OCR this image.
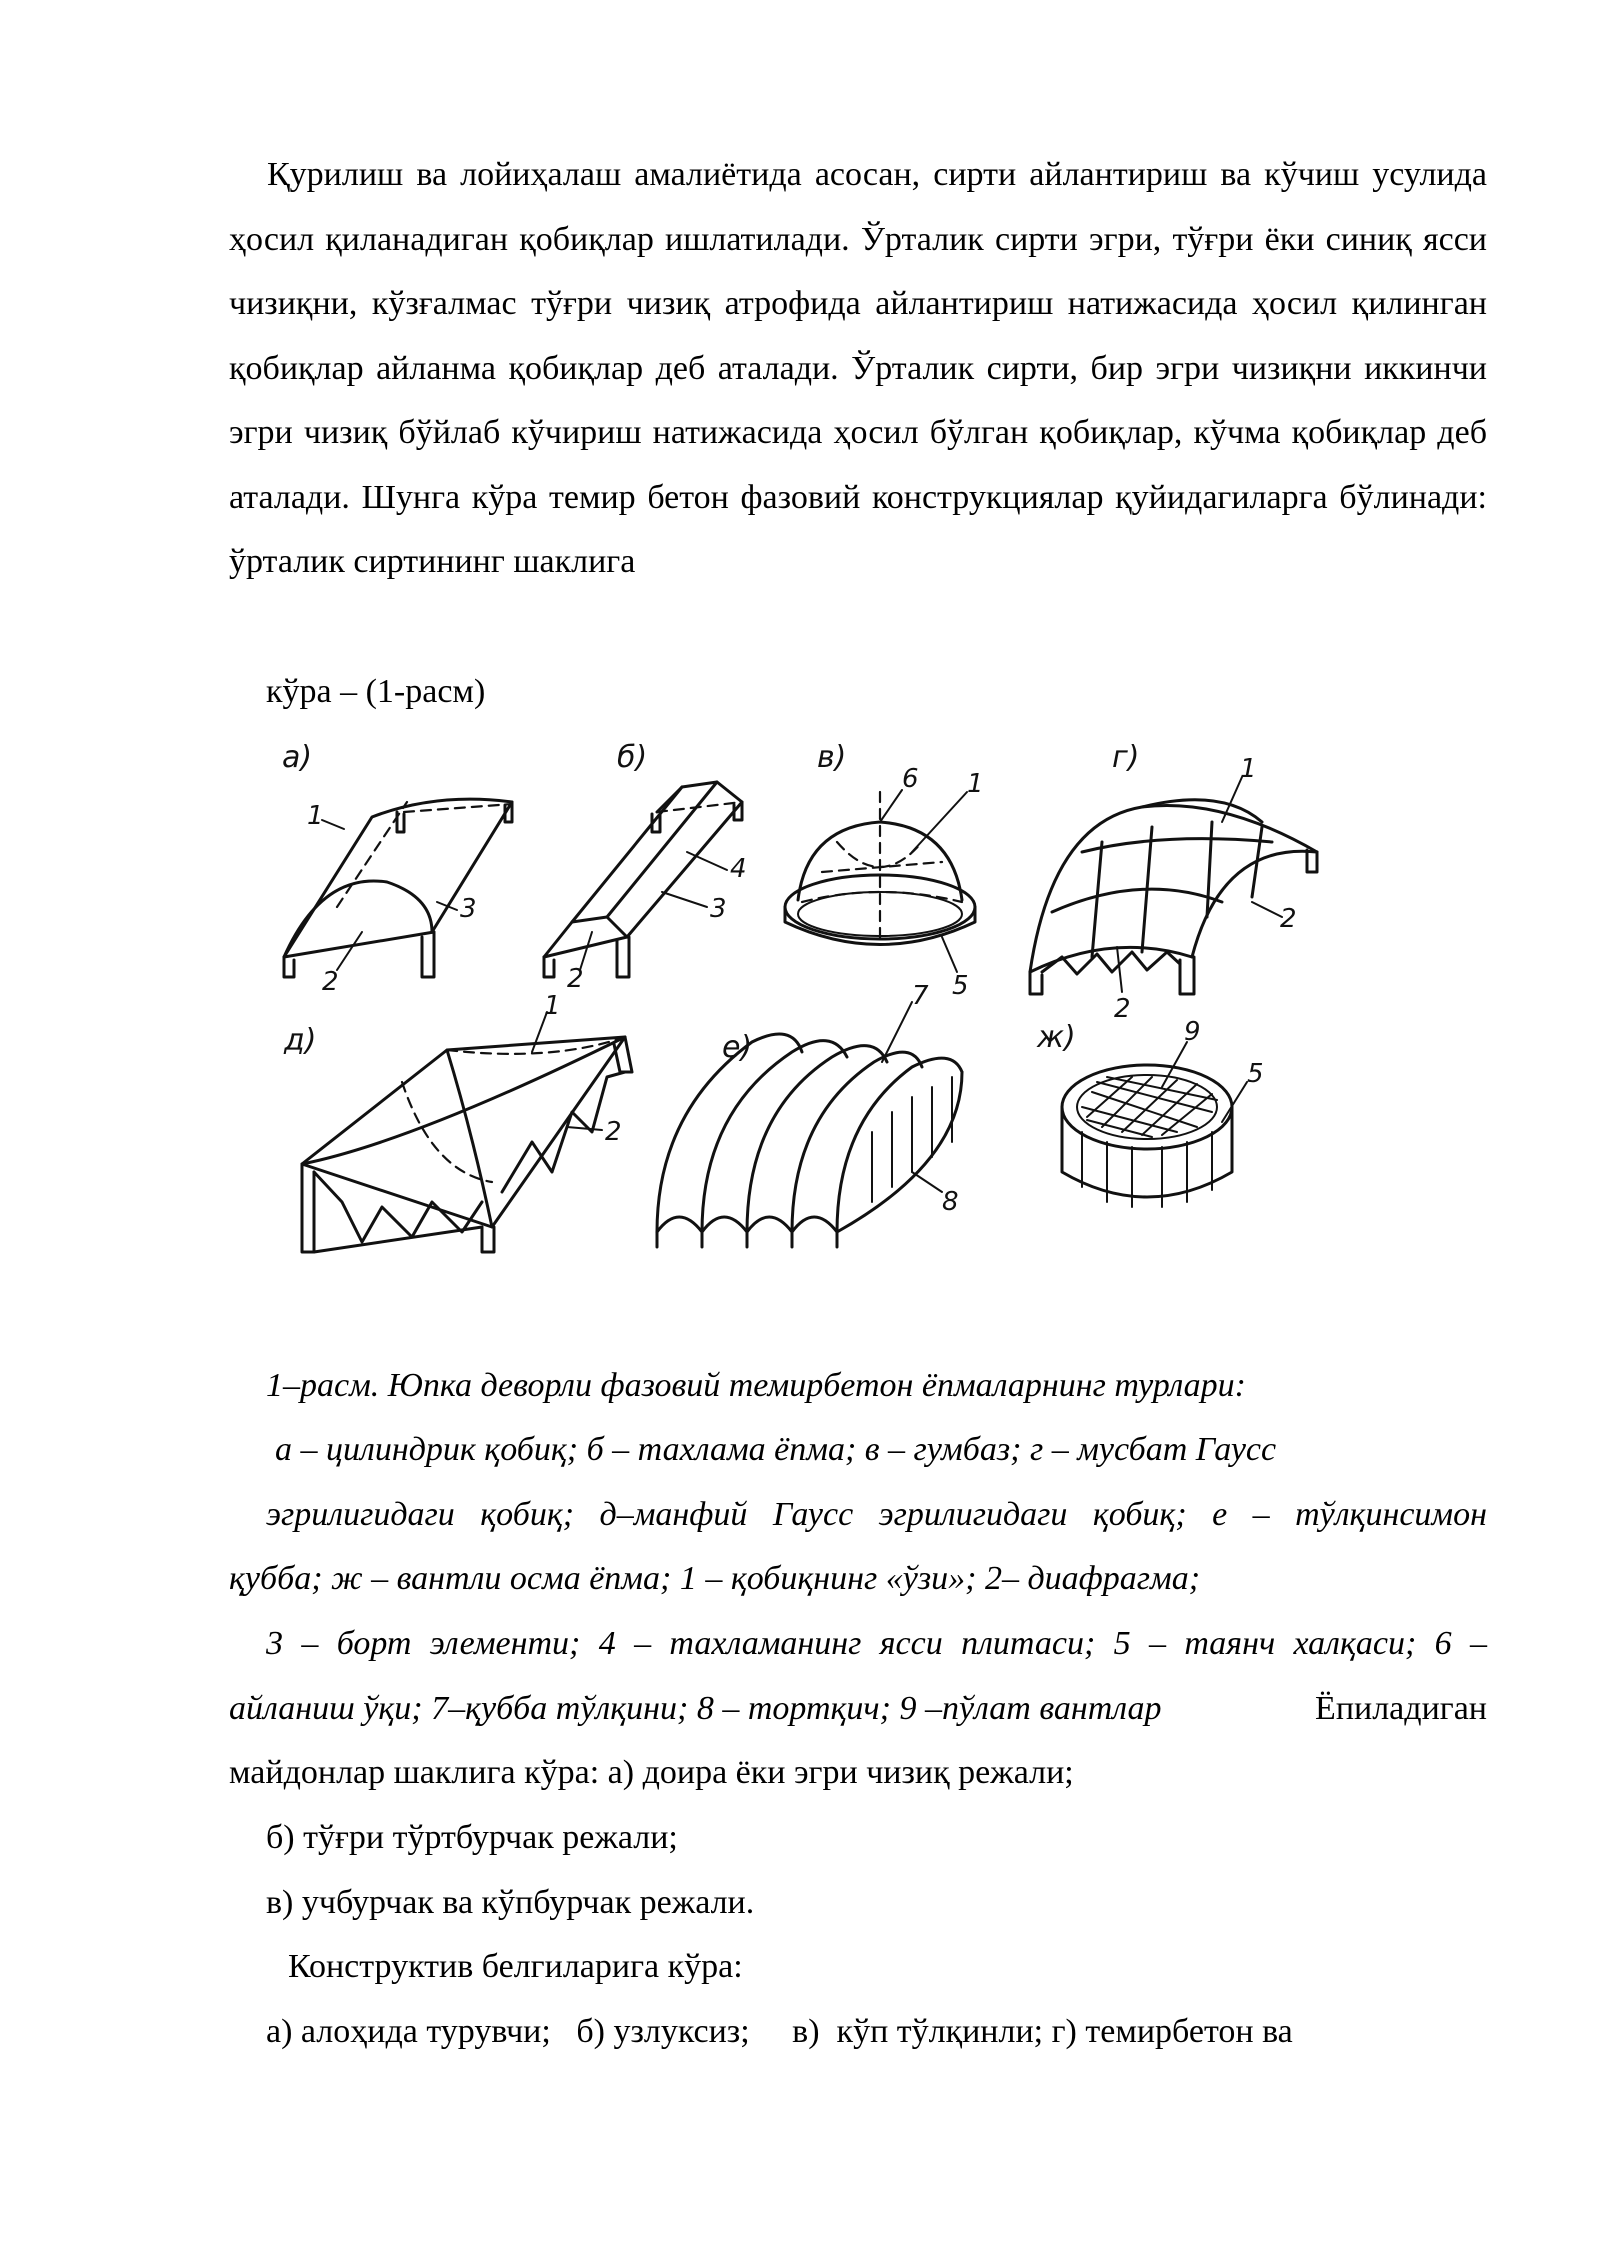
Қурилиш ва лойиҳалаш амалиётида асосан, сирти айлантириш ва кўчиш усулида ҳосил қиланадиган қобиқлар ишлатилади. Ўрталик сирти эгри, тўғри ёки синиқ ясси чизиқни, кўзғалмас тўғри чизиқ атрофида айлантириш натижасида ҳосил қилинган қобиқлар айланма қобиқлар деб аталади. Ўрталик сирти, бир эгри чизиқни иккинчи эгри чизиқ бўйлаб кўчириш натижасида ҳосил бўлган қобиқлар, кўчма қобиқлар деб аталади. Шунга кўра темир бетон фазовий конструкциялар қуйидагиларга бўлинади: ўрталик сиртининг шаклига

кўра – (1-расм)

а)
1
3
2
б)
4
3
2
в)
6 1
5
г)	1
2
2
д)
1
2
е)
7
8
ж)	9
5

1–расм. Юпка деворли фазовий темирбетон ёпмаларнинг турлари:

а – цилиндрик қобиқ; б – тахлама ёпма; в – гумбаз; г – мусбат Гаусс

эгрилигидаги қобиқ; д–манфий Гаусс эгрилигидаги қобиқ; е – тўлқинсимон

қубба; ж – вантли осма ёпма; 1 – қобиқнинг «ўзи»; 2– диафрагма;

3 – борт элементи; 4 – тахламанинг ясси плитаси; 5 – таянч халқаси; 6 –

айланиш ўқи; 7–қубба тўлқини; 8 – тортқич; 9 –пўлат вантлар	Ёпиладиган

майдонлар шаклига кўра: а) доира ёки эгри чизиқ режали;

б) тўғри тўртбурчак режали;

в) учбурчак ва кўпбурчак режали.

Конструктив белгиларига кўра:

а) алоҳида турувчи;   б) узлуксиз;     в)  кўп тўлқинли; г) темирбетон ва
